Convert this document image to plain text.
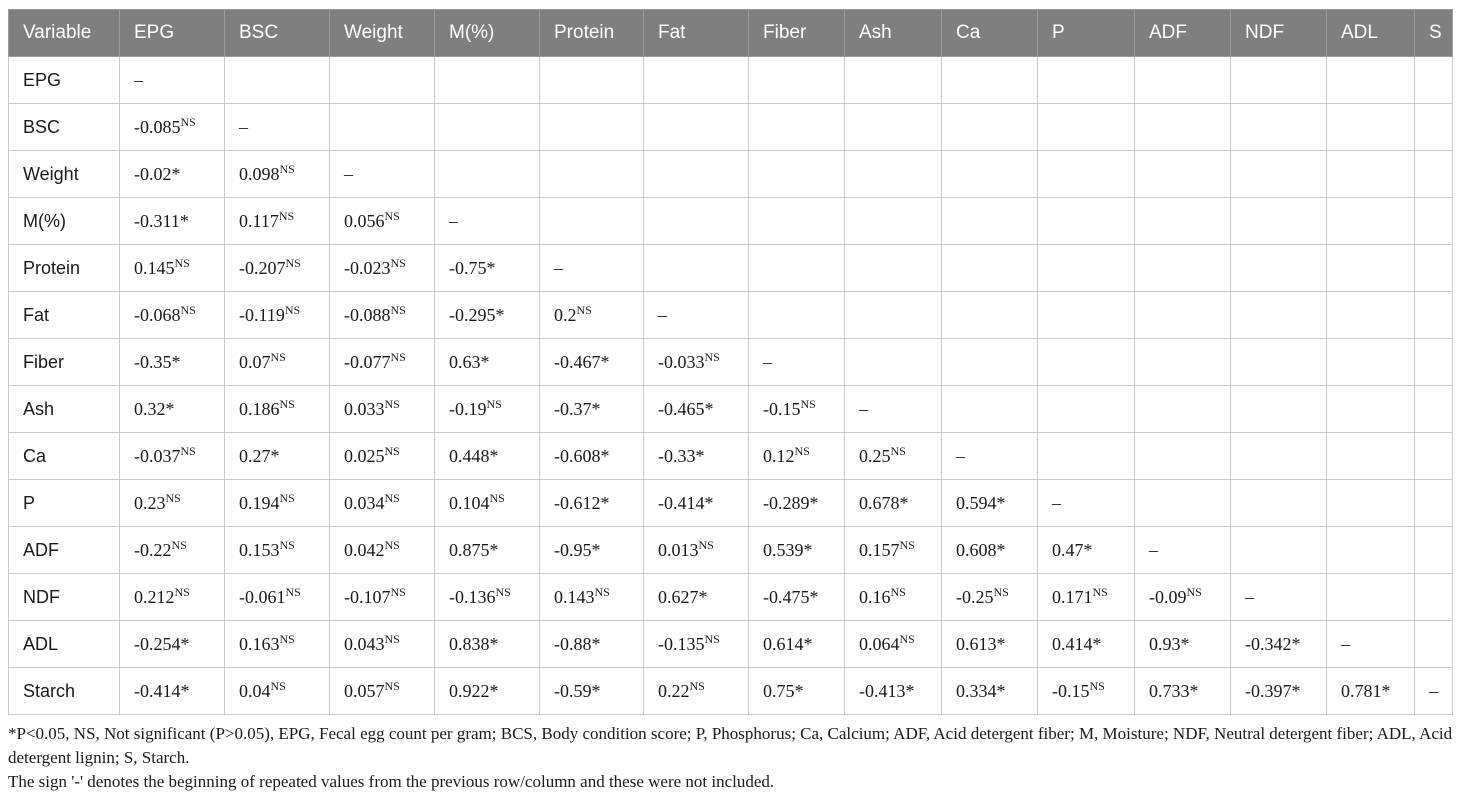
Variable	EPG	BSC	Weight	M(%)	Protein	Fat	Fiber	Ash	Ca	P	ADF	NDF	ADL	S
EPG	–													
BSC	$-0.085^{NS}$	–												
Weight	-0.02*	$0.098^{NS}$	–											
M(%)	-0.311*	$0.117^{NS}$	$0.056^{NS}$	–										
Protein	$0.145^{NS}$	$-0.207^{NS}$	$-0.023^{NS}$	-0.75*	–									
Fat	$-0.068^{NS}$	$-0.119^{NS}$	$-0.088^{NS}$	-0.295*	$0.2^{NS}$	–								
Fiber	-0.35*	$0.07^{NS}$	$-0.077^{NS}$	0.63*	-0.467*	$-0.033^{NS}$	–							
Ash	0.32*	$0.186^{NS}$	$0.033^{NS}$	$-0.19^{NS}$	-0.37*	-0.465*	$-0.15^{NS}$	–						
Ca	$-0.037^{NS}$	0.27*	$0.025^{NS}$	0.448*	-0.608*	-0.33*	$0.12^{NS}$	$0.25^{NS}$	–					
P	$0.23^{NS}$	$0.194^{NS}$	$0.034^{NS}$	$0.104^{NS}$	-0.612*	-0.414*	-0.289*	0.678*	0.594*	–				
ADF	$-0.22^{NS}$	$0.153^{NS}$	$0.042^{NS}$	0.875*	-0.95*	$0.013^{NS}$	0.539*	$0.157^{NS}$	0.608*	0.47*	–			
NDF	$0.212^{NS}$	$-0.061^{NS}$	$-0.107^{NS}$	$-0.136^{NS}$	$0.143^{NS}$	0.627*	-0.475*	$0.16^{NS}$	$-0.25^{NS}$	$0.171^{NS}$	$-0.09^{NS}$	–		
ADL	-0.254*	$0.163^{NS}$	$0.043^{NS}$	0.838*	-0.88*	$-0.135^{NS}$	0.614*	$0.064^{NS}$	0.613*	0.414*	0.93*	-0.342*	–	
Starch	-0.414*	$0.04^{NS}$	$0.057^{NS}$	0.922*	-0.59*	$0.22^{NS}$	0.75*	-0.413*	0.334*	$-0.15^{NS}$	0.733*	-0.397*	0.781*	–

*P<0.05, NS, Not significant (P>0.05), EPG, Fecal egg count per gram; BCS, Body condition score; P, Phosphorus; Ca, Calcium; ADF, Acid detergent fiber; M, Moisture; NDF, Neutral detergent fiber; ADL, Acid detergent lignin; S, Starch.

The sign '-' denotes the beginning of repeated values from the previous row/column and these were not included.
